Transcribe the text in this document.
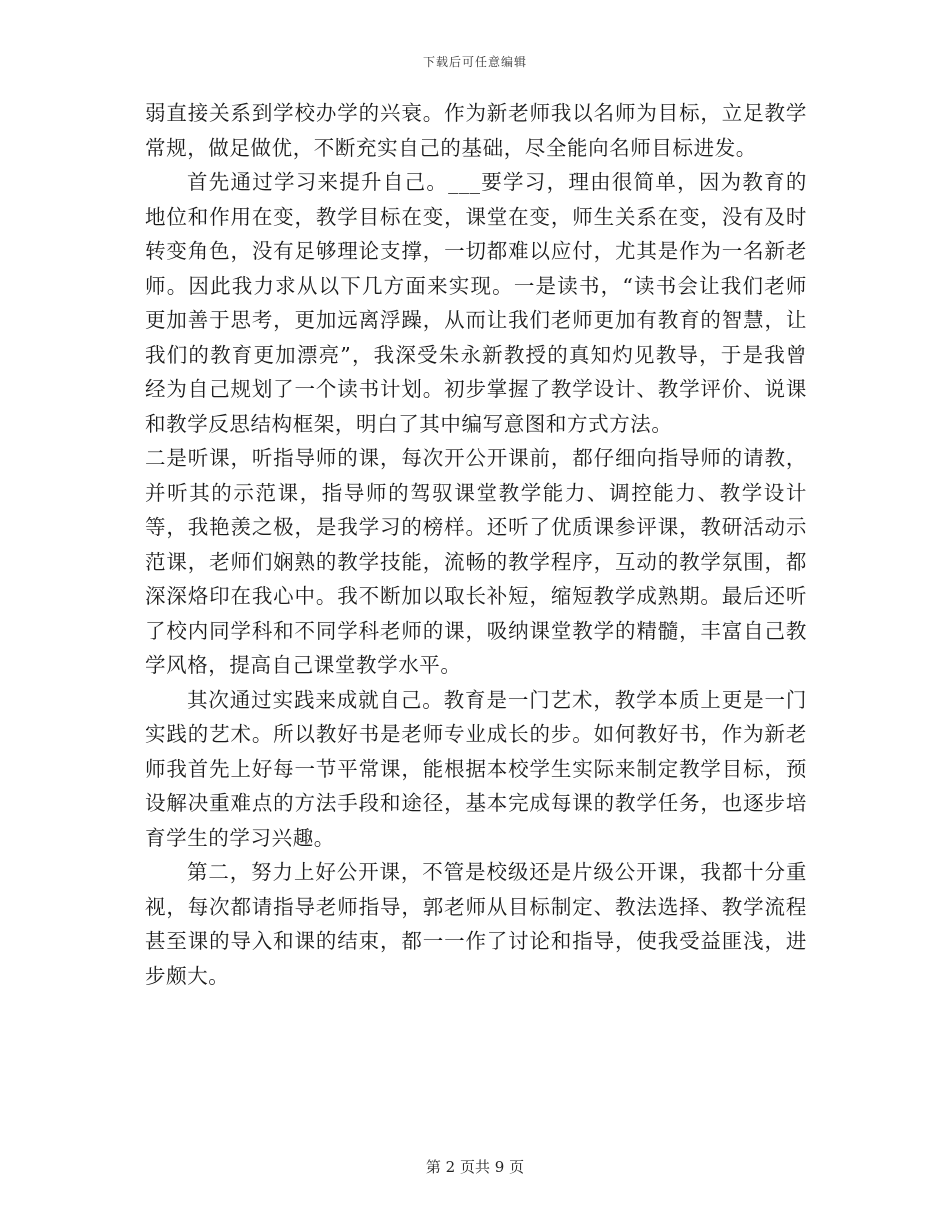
下载后可任意编辑

弱直接关系到学校办学的兴衰。作为新老师我以名师为目标，立足教学常规，做足做优，不断充实自己的基础，尽全能向名师目标进发。

首先通过学习来提升自己。___要学习，理由很简单，因为教育的地位和作用在变，教学目标在变，课堂在变，师生关系在变，没有及时转变角色，没有足够理论支撑，一切都难以应付，尤其是作为一名新老师。因此我力求从以下几方面来实现。一是读书，“读书会让我们老师更加善于思考，更加远离浮躁，从而让我们老师更加有教育的智慧，让我们的教育更加漂亮”，我深受朱永新教授的真知灼见教导，于是我曾经为自己规划了一个读书计划。初步掌握了教学设计、教学评价、说课和教学反思结构框架，明白了其中编写意图和方式方法。

二是听课，听指导师的课，每次开公开课前，都仔细向指导师的请教，并听其的示范课，指导师的驾驭课堂教学能力、调控能力、教学设计等，我艳羡之极，是我学习的榜样。还听了优质课参评课，教研活动示范课，老师们娴熟的教学技能，流畅的教学程序，互动的教学氛围，都深深烙印在我心中。我不断加以取长补短，缩短教学成熟期。最后还听了校内同学科和不同学科老师的课，吸纳课堂教学的精髓，丰富自己教学风格，提高自己课堂教学水平。

其次通过实践来成就自己。教育是一门艺术，教学本质上更是一门实践的艺术。所以教好书是老师专业成长的步。如何教好书，作为新老师我首先上好每一节平常课，能根据本校学生实际来制定教学目标，预设解决重难点的方法手段和途径，基本完成每课的教学任务，也逐步培育学生的学习兴趣。

第二，努力上好公开课，不管是校级还是片级公开课，我都十分重视，每次都请指导老师指导，郭老师从目标制定、教法选择、教学流程甚至课的导入和课的结束，都一一作了讨论和指导，使我受益匪浅，进步颇大。

第 2 页共 9 页
